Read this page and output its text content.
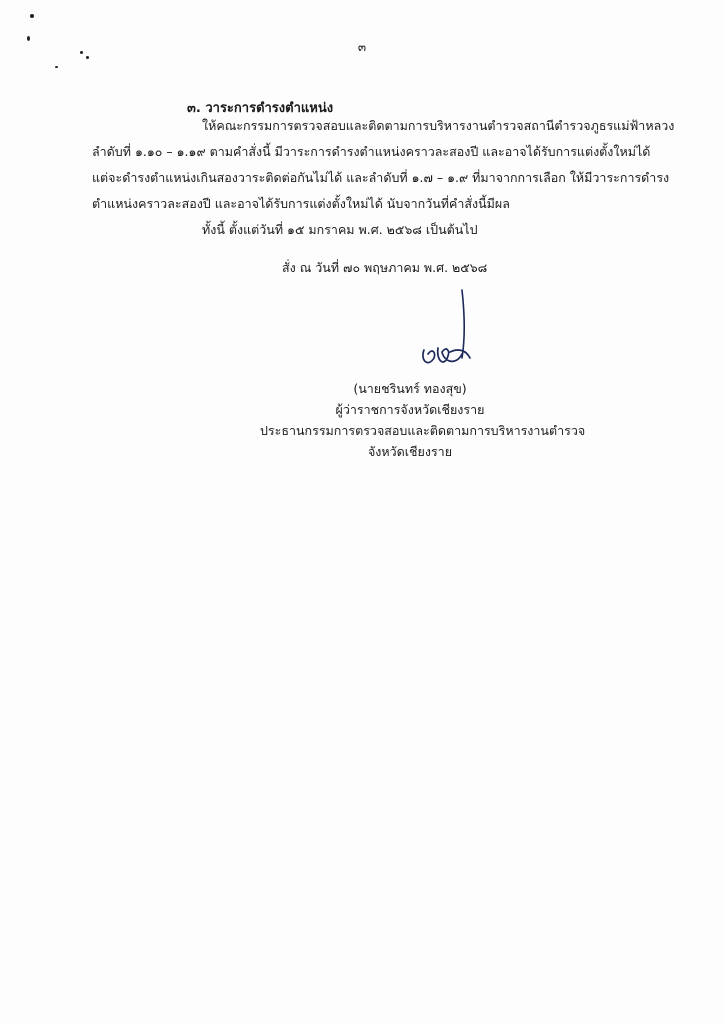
๓
๓. วาระการดำรงตำแหน่ง
ให้คณะกรรมการตรวจสอบและติดตามการบริหารงานตำรวจสถานีตำรวจภูธรแม่ฟ้าหลวง
ลำดับที่ ๑.๑๐ – ๑.๑๙ ตามคำสั่งนี้ มีวาระการดำรงตำแหน่งคราวละสองปี และอาจได้รับการแต่งตั้งใหม่ได้
แต่จะดำรงตำแหน่งเกินสองวาระติดต่อกันไม่ได้ และลำดับที่ ๑.๗ – ๑.๙ ที่มาจากการเลือก ให้มีวาระการดำรง
ตำแหน่งคราวละสองปี และอาจได้รับการแต่งตั้งใหม่ได้ นับจากวันที่คำสั่งนี้มีผล
ทั้งนี้ ตั้งแต่วันที่ ๑๕ มกราคม พ.ศ. ๒๕๖๘ เป็นต้นไป
สั่ง ณ วันที่ ๗๐ พฤษภาคม พ.ศ. ๒๕๖๘
(นายชรินทร์ ทองสุข)
ผู้ว่าราชการจังหวัดเชียงราย
ประธานกรรมการตรวจสอบและติดตามการบริหารงานตำรวจ
จังหวัดเชียงราย
